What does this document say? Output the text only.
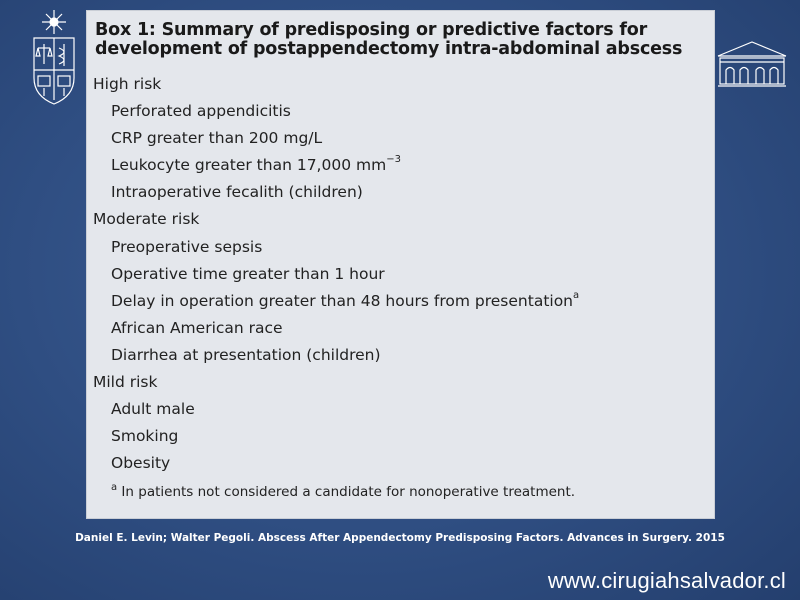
Box 1: Summary of predisposing or predictive factors for
development of postappendectomy intra-abdominal abscess
High risk
Perforated appendicitis
CRP greater than 200 mg/L
Leukocyte greater than 17,000 $mm^{-3}$
Intraoperative fecalith (children)
Moderate risk
Preoperative sepsis
Operative time greater than 1 hour
Delay in operation greater than 48 hours from presentation$^a$
African American race
Diarrhea at presentation (children)
Mild risk
Adult male
Smoking
Obesity
$^a$ In patients not considered a candidate for nonoperative treatment.
Daniel E. Levin; Walter Pegoli. Abscess After Appendectomy Predisposing Factors. Advances in Surgery. 2015
www.cirugiahsalvador.cl
